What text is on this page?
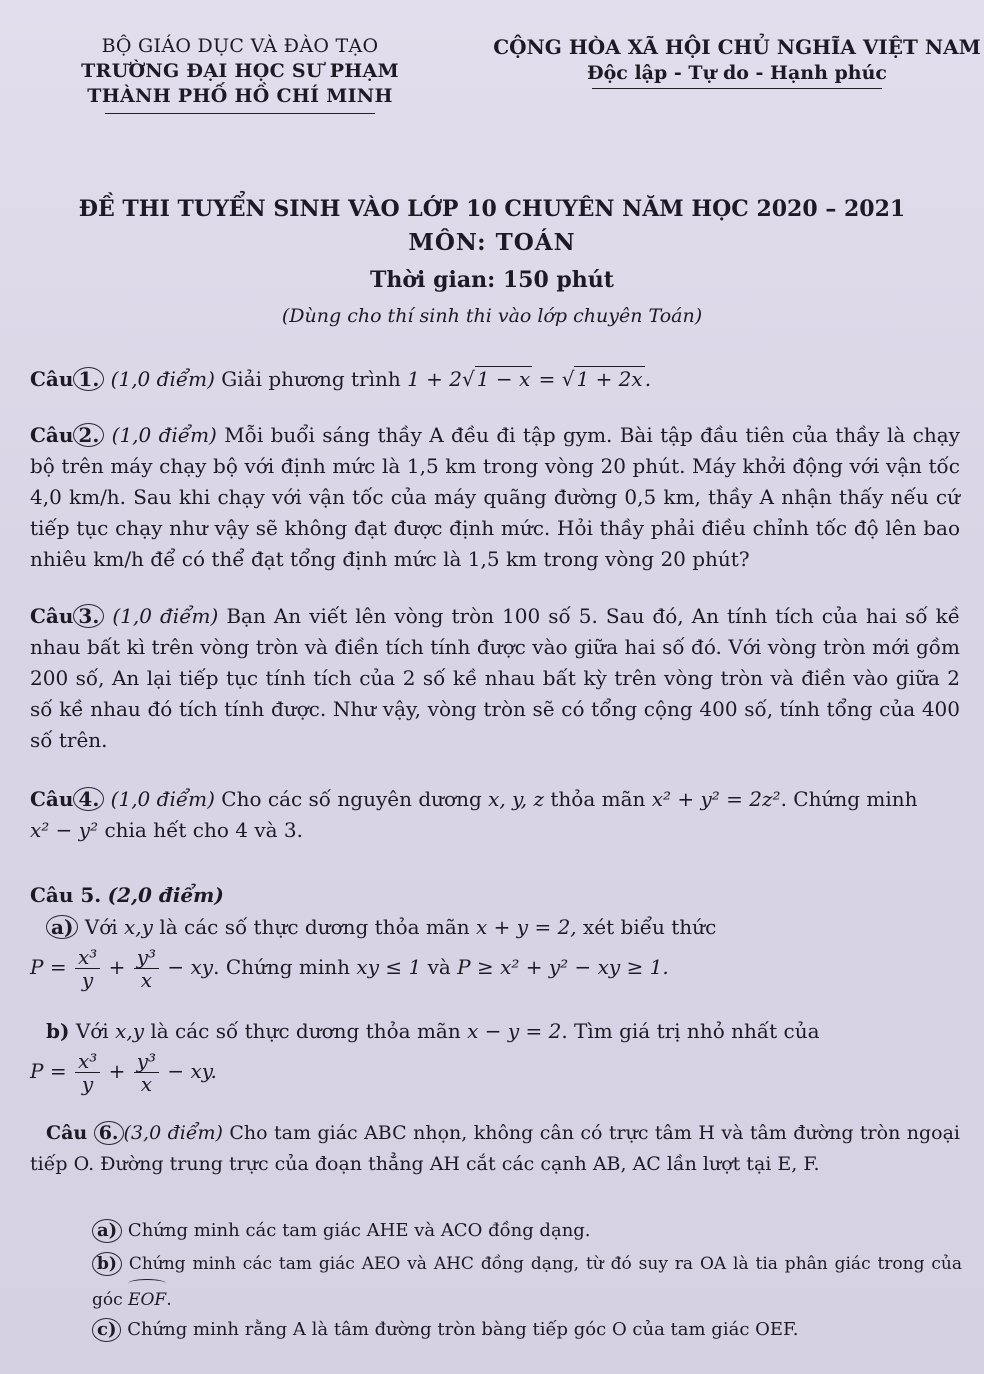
BỘ GIÁO DỤC VÀ ĐÀO TẠO
TRƯỜNG ĐẠI HỌC SƯ PHẠM
THÀNH PHỐ HỒ CHÍ MINH
CỘNG HÒA XÃ HỘI CHỦ NGHĨA VIỆT NAM
Độc lập - Tự do - Hạnh phúc
ĐỀ THI TUYỂN SINH VÀO LỚP 10 CHUYÊN NĂM HỌC 2020 – 2021
MÔN: TOÁN
Thời gian: 150 phút
(Dùng cho thí sinh thi vào lớp chuyên Toán)
Câu 1. (1,0 điểm) Giải phương trình 1 + 2√ 1 − x = √ 1 + 2x .
Câu 2. (1,0 điểm) Mỗi buổi sáng thầy A đều đi tập gym. Bài tập đầu tiên của thầy là chạy bộ trên máy chạy bộ với định mức là 1,5 km trong vòng 20 phút. Máy khởi động với vận tốc 4,0 km/h. Sau khi chạy với vận tốc của máy quãng đường 0,5 km, thầy A nhận thấy nếu cứ tiếp tục chạy như vậy sẽ không đạt được định mức. Hỏi thầy phải điều chỉnh tốc độ lên bao nhiêu km/h để có thể đạt tổng định mức là 1,5 km trong vòng 20 phút?
Câu 3. (1,0 điểm) Bạn An viết lên vòng tròn 100 số 5. Sau đó, An tính tích của hai số kề nhau bất kì trên vòng tròn và điền tích tính được vào giữa hai số đó. Với vòng tròn mới gồm 200 số, An lại tiếp tục tính tích của 2 số kề nhau bất kỳ trên vòng tròn và điền vào giữa 2 số kề nhau đó tích tính được. Như vậy, vòng tròn sẽ có tổng cộng 400 số, tính tổng của 400 số trên.
Câu 4. (1,0 điểm) Cho các số nguyên dương x, y, z thỏa mãn x² + y² = 2z². Chứng minh
x² − y² chia hết cho 4 và 3.
Câu 5. (2,0 điểm)
a) Với x,y là các số thực dương thỏa mãn x + y = 2, xét biểu thức
$P = \frac{\text{x³}}{y} + \frac{\text{y³}}{x}$ − xy. Chứng minh xy ≤ 1 và P ≥ x² + y² − xy ≥ 1.
b) Với x,y là các số thực dương thỏa mãn x − y = 2. Tìm giá trị nhỏ nhất của
$P = \frac{\text{x³}}{y} + \frac{\text{y³}}{x}$ − xy.
Câu 6. (3,0 điểm) Cho tam giác ABC nhọn, không cân có trực tâm H và tâm đường tròn ngoại tiếp O. Đường trung trực của đoạn thẳng AH cắt các cạnh AB, AC lần lượt tại E, F.
a) Chứng minh các tam giác AHE và ACO đồng dạng.
b) Chứng minh các tam giác AEO và AHC đồng dạng, từ đó suy ra OA là tia phân giác trong của góc EOF.
c) Chứng minh rằng A là tâm đường tròn bàng tiếp góc O của tam giác OEF.
